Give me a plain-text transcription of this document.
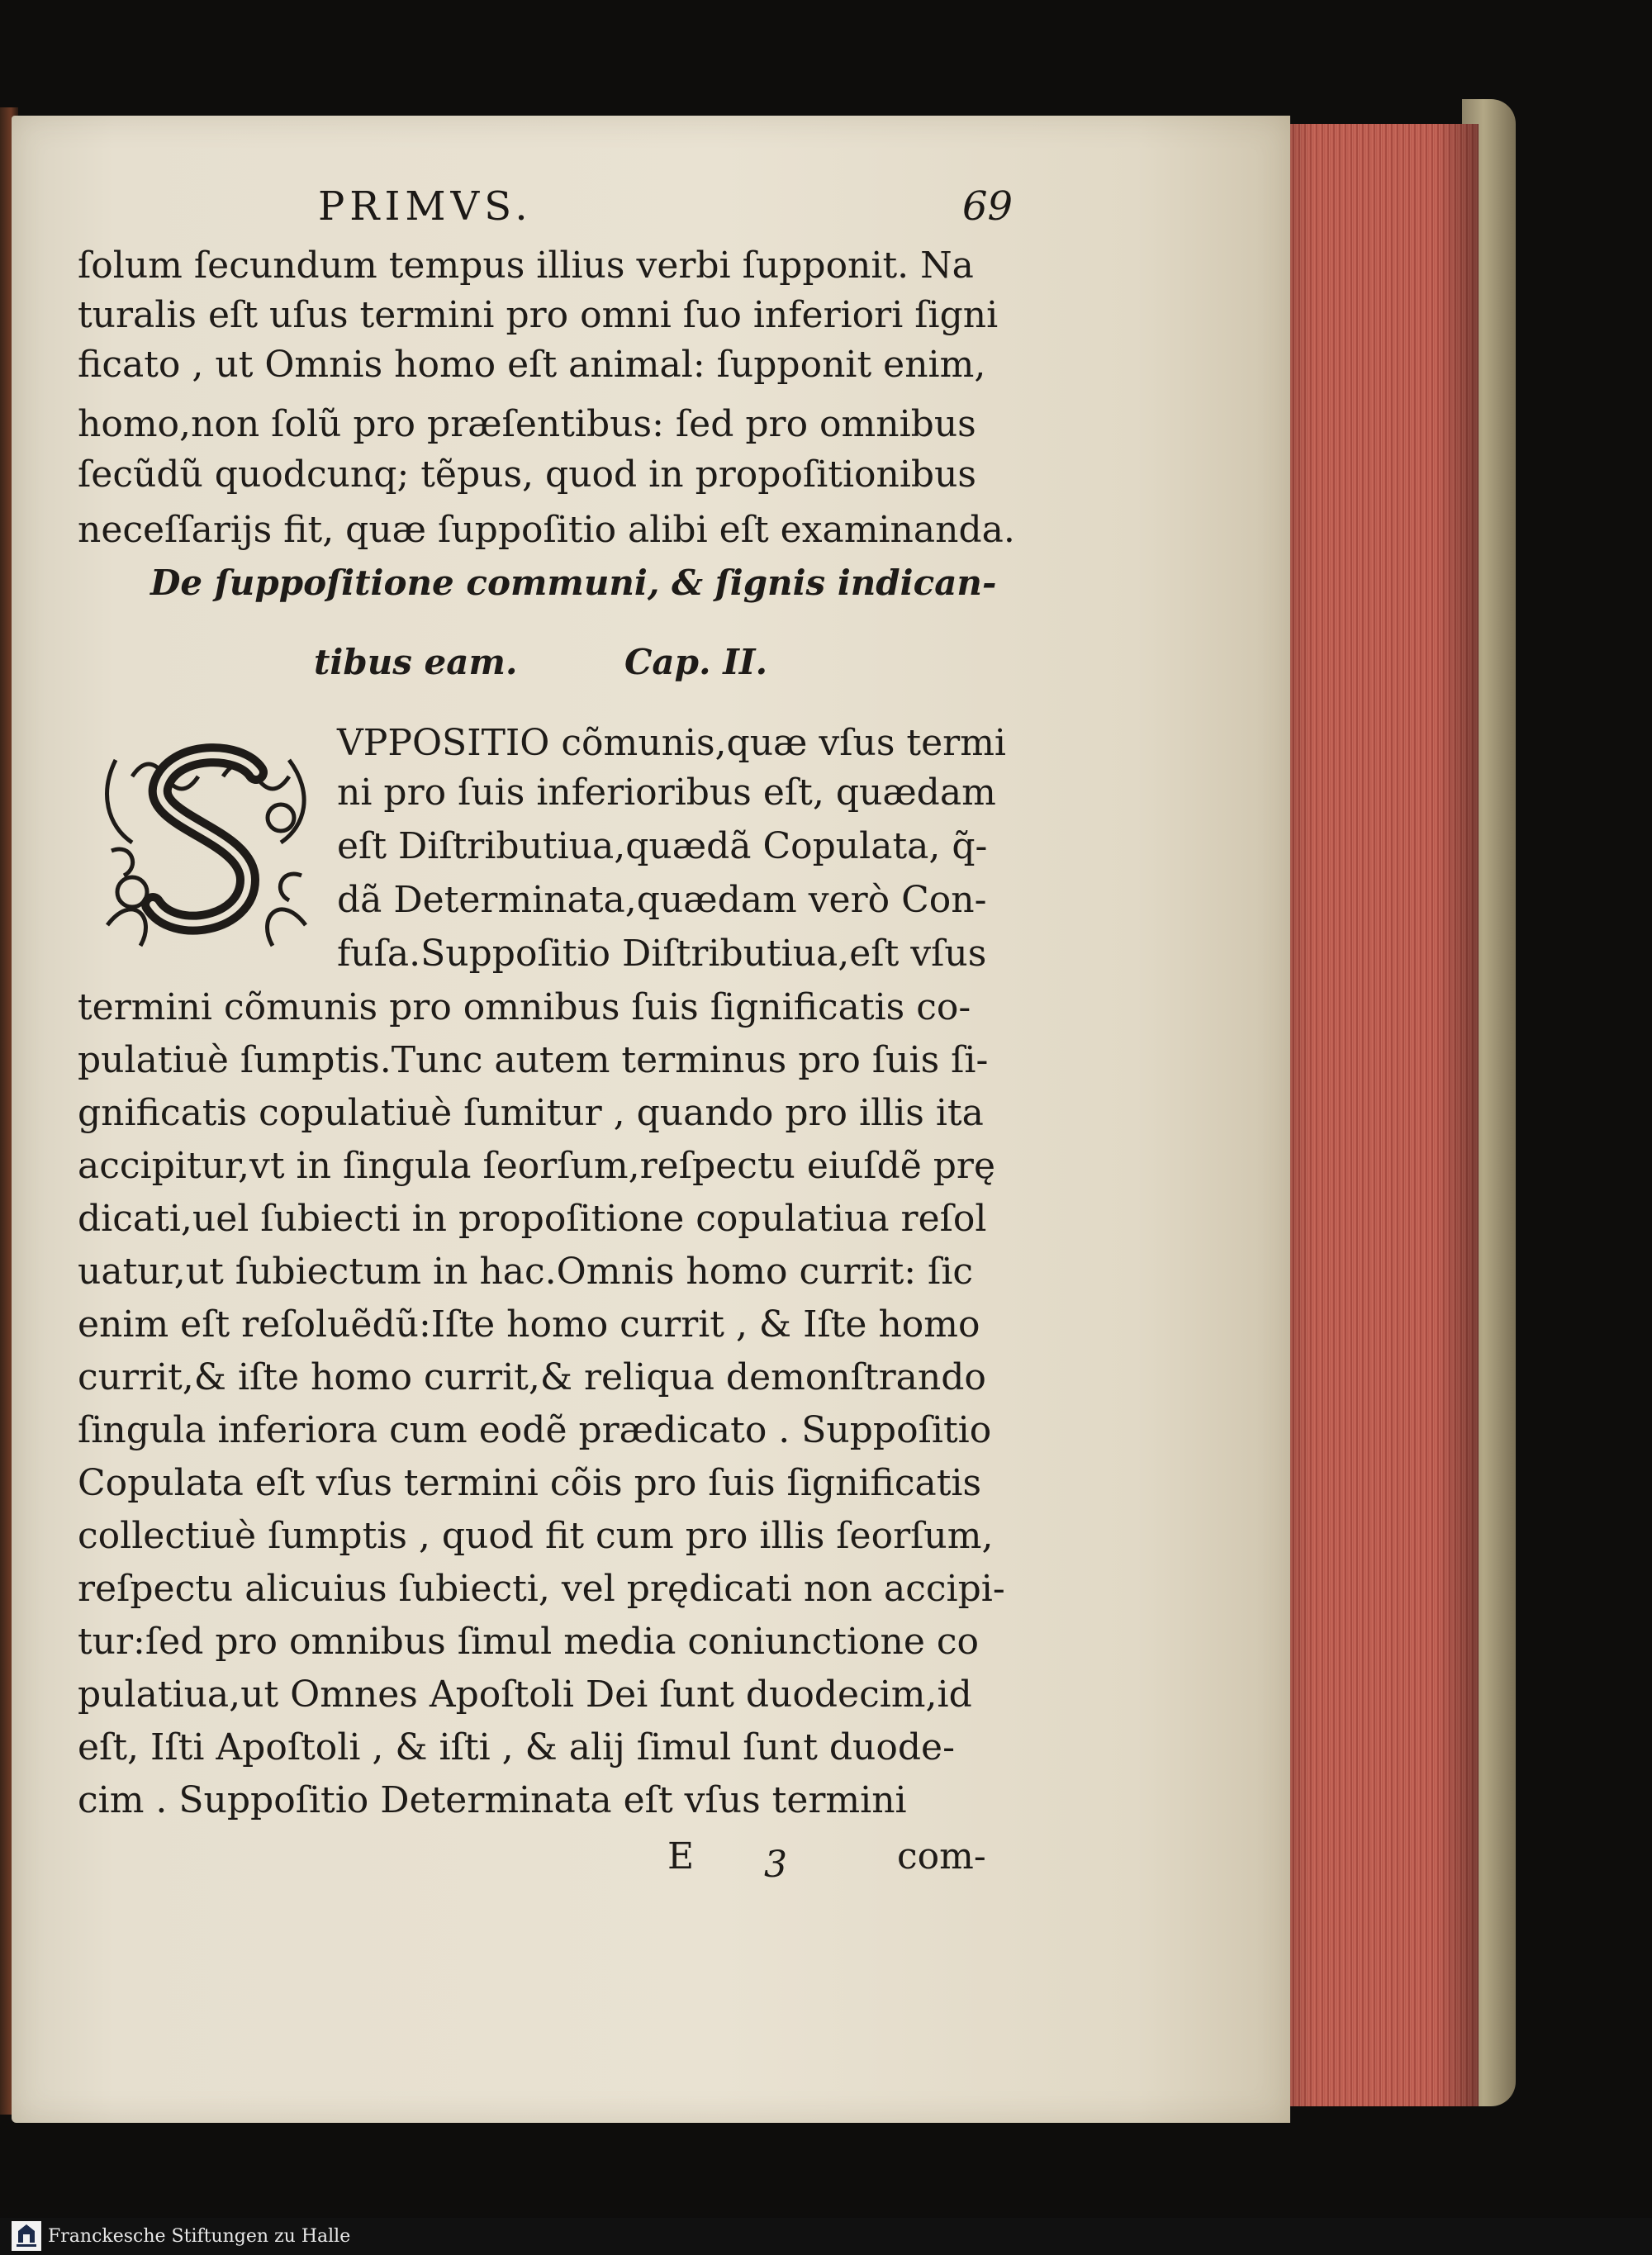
PRIMVS.	69
ſolum ſecundum tempus illius verbi ſupponit. Na
turalis eſt uſus termini pro omni ſuo inferiori ſigni
ficato , ut Omnis homo eſt animal: ſupponit enim,
homo,non ſolũ pro præſentibus: ſed pro omnibus
ſecũdũ quodcunq; tẽpus, quod in propoſitionibus
neceſſarijs fit, quæ ſuppoſitio alibi eſt examinanda.
De ſuppoſitione communi, & ſignis indican-
tibus eam.	Cap. II.
VPPOSITIO cõmunis,quæ vſus termi
ni pro ſuis inferioribus eſt, quædam
eſt Diſtributiua,quædã Copulata, q̃-
dã Determinata,quædam verò Con-
fuſa.Suppoſitio Diſtributiua,eſt vſus
termini cõmunis pro omnibus ſuis ſignificatis co-
pulatiuè ſumptis.Tunc autem terminus pro ſuis ſi-
gnificatis copulatiuè ſumitur , quando pro illis ita
accipitur,vt in ſingula ſeorſum,reſpectu eiuſdẽ prę
dicati,uel ſubiecti in propoſitione copulatiua reſol
uatur,ut ſubiectum in hac.Omnis homo currit: ſic
enim eſt reſoluẽdũ:Iſte homo currit , & Iſte homo
currit,& iſte homo currit,& reliqua demonſtrando
ſingula inferiora cum eodẽ prædicato . Suppoſitio
Copulata eſt vſus termini cõis pro ſuis ſignificatis
collectiuè ſumptis , quod fit cum pro illis ſeorſum,
reſpectu alicuius ſubiecti, vel prędicati non accipi-
tur:ſed pro omnibus ſimul media coniunctione co
pulatiua,ut Omnes Apoſtoli Dei ſunt duodecim,id
eſt, Iſti Apoſtoli , & iſti , & alij ſimul ſunt duode-
cim . Suppoſitio Determinata eſt vſus termini
E 3	com-
Franckesche Stiftungen zu Halle
